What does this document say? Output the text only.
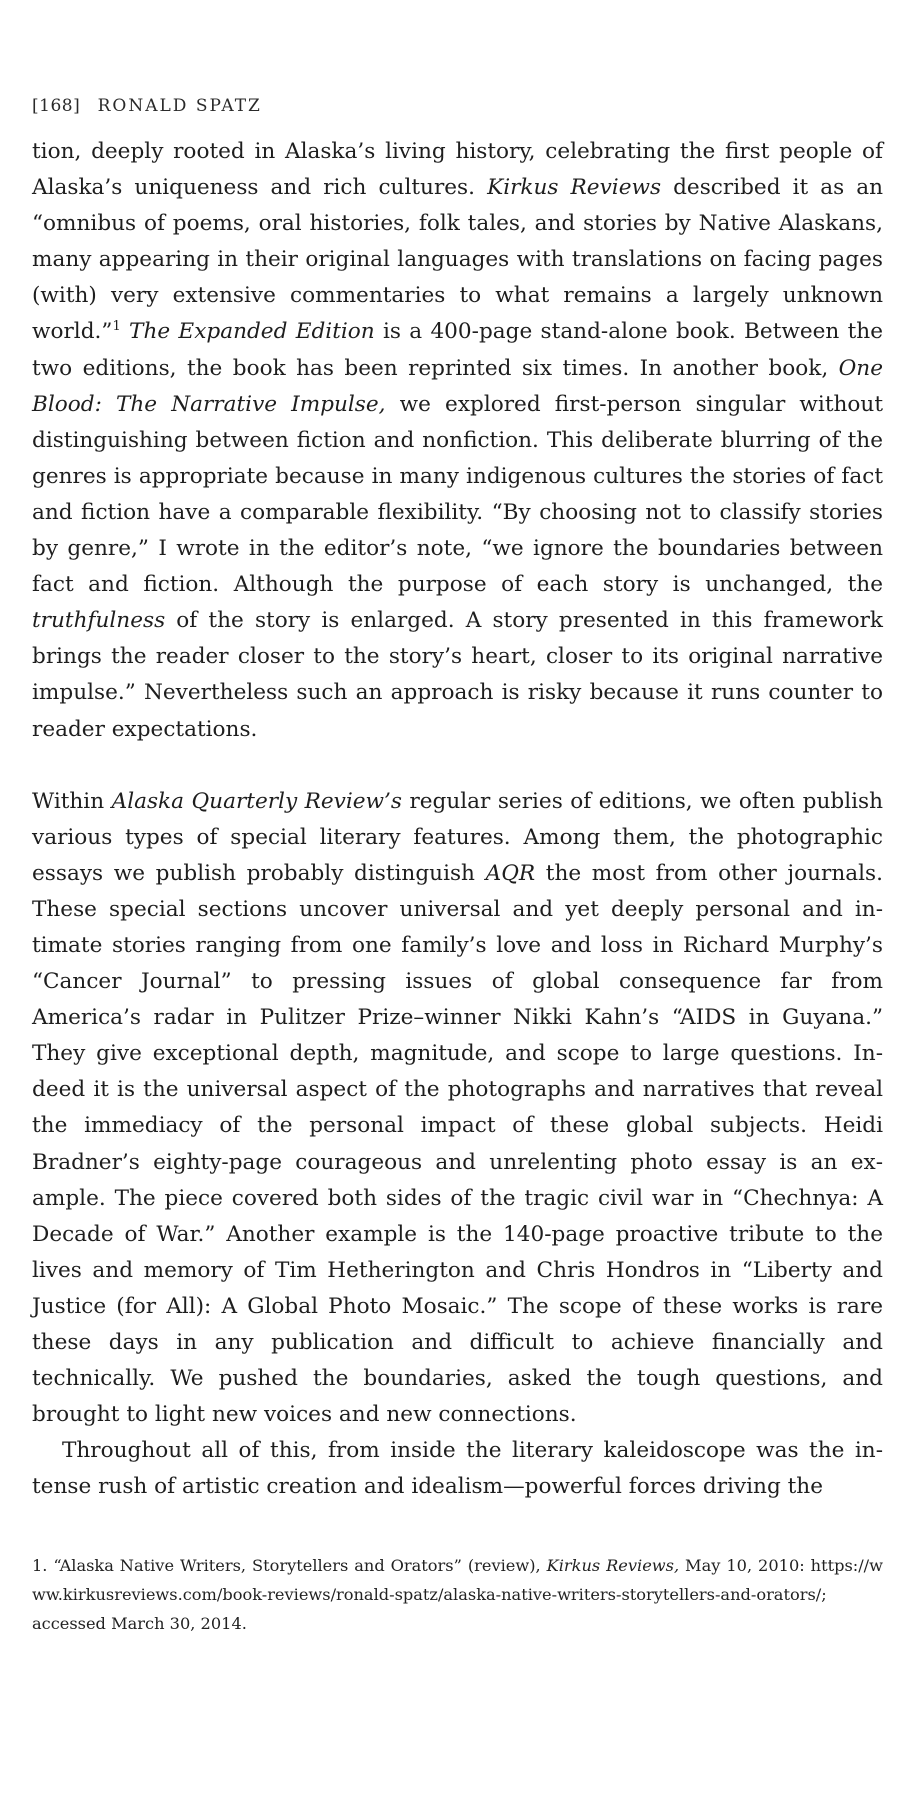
[168] RONALD SPATZ

tion, deeply rooted in Alaska’s living history, celebrating the first people of Alaska’s uniqueness and rich cultures. Kirkus Reviews described it as an “omnibus of poems, oral histories, folk tales, and stories by Native Alaskans, many appearing in their original languages with translations on facing pages (with) very extensive commentaries to what remains a largely unknown world.”$^1$ The Expanded Edition is a 400-page stand-alone book. Between the two editions, the book has been reprinted six times. In another book, One Blood: The Narrative Impulse, we explored first-person singular without distinguishing between fiction and nonfiction. This deliberate blurring of the genres is appropriate because in many indigenous cultures the stories of fact and fiction have a comparable flexibility. “By choosing not to classify stories by genre,” I wrote in the editor’s note, “we ignore the boundaries between fact and fiction. Although the purpose of each story is unchanged, the truthfulness of the story is enlarged. A story presented in this framework brings the reader closer to the story’s heart, closer to its original narrative impulse.” Nevertheless such an approach is risky because it runs counter to reader expectations.

Within Alaska Quarterly Review’s regular series of editions, we often publish various types of special literary features. Among them, the photographic essays we publish probably distinguish AQR the most from other journals. These special sections uncover universal and yet deeply personal and intimate stories ranging from one family’s love and loss in Richard Murphy’s “Cancer Journal” to pressing issues of global consequence far from America’s radar in Pulitzer Prize–winner Nikki Kahn’s “AIDS in Guyana.” They give exceptional depth, magnitude, and scope to large questions. Indeed it is the universal aspect of the photographs and narratives that reveal the immediacy of the personal impact of these global subjects. Heidi Bradner’s eighty-page courageous and unrelenting photo essay is an example. The piece covered both sides of the tragic civil war in “Chechnya: A Decade of War.” Another example is the 140-page proactive tribute to the lives and memory of Tim Hetherington and Chris Hondros in “Liberty and Justice (for All): A Global Photo Mosaic.” The scope of these works is rare these days in any publication and difficult to achieve financially and technically. We pushed the boundaries, asked the tough questions, and brought to light new voices and new connections.

Throughout all of this, from inside the literary kaleidoscope was the intense rush of artistic creation and idealism—powerful forces driving the

1. “Alaska Native Writers, Storytellers and Orators” (review), Kirkus Reviews, May 10, 2010: https://www.kirkusreviews.com/book-reviews/ronald-spatz/alaska-native-writers-storytellers-and-orators/; accessed March 30, 2014.
